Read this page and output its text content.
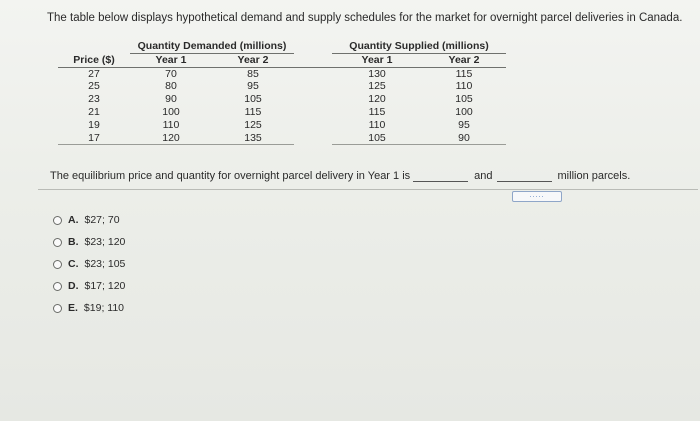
The table below displays hypothetical demand and supply schedules for the market for overnight parcel deliveries in Canada.
	Quantity Demanded (millions)			Quantity Supplied (millions)	
Price ($)	Year 1	Year 2		Year 1	Year 2
27	70	85		130	115
25	80	95		125	110
23	90	105		120	105
21	100	115		115	100
19	110	125		110	95
17	120	135		105	90
The equilibrium price and quantity for overnight parcel delivery in Year 1 is	and	million parcels.
.....
A. $27; 70
B. $23; 120
C. $23; 105
D. $17; 120
E. $19; 110
